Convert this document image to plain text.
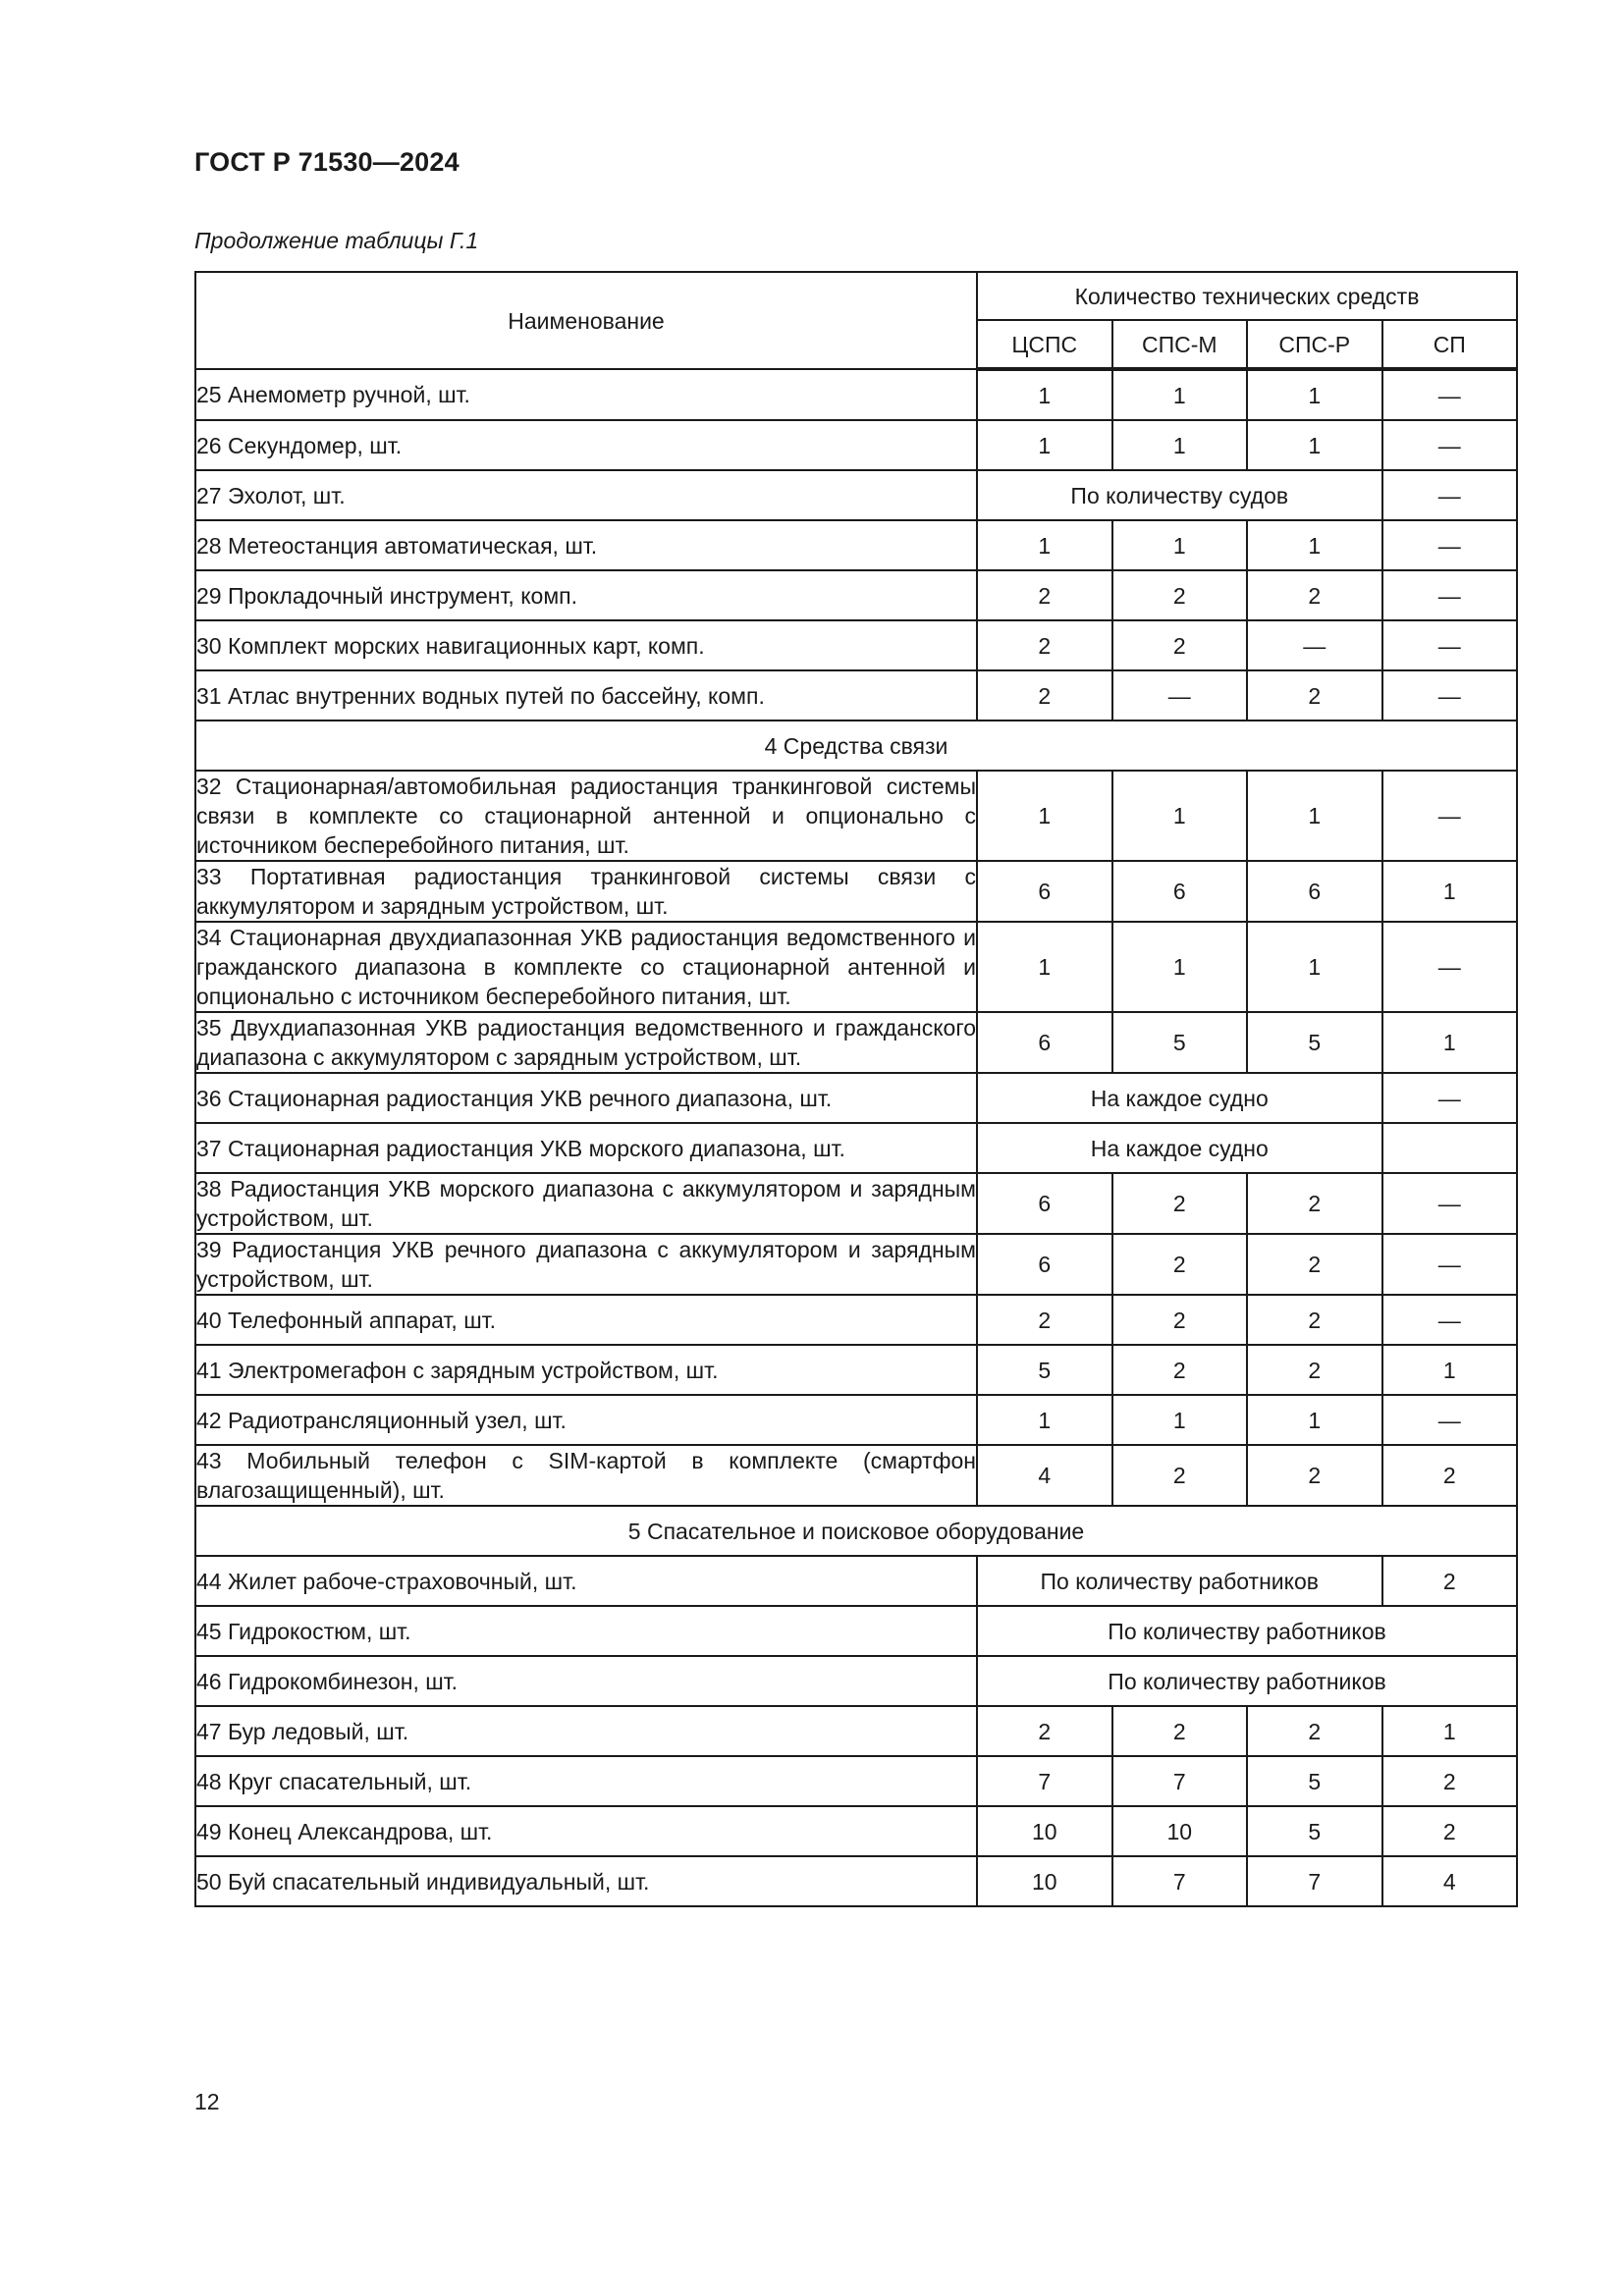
ГОСТ Р 71530—2024
Продолжение таблицы Г.1
Наименование	Количество технических средств			
	ЦСПС	СПС-М	СПС-Р	СП
25 Анемометр ручной, шт.	1	1	1	—
26 Секундомер, шт.	1	1	1	—
27 Эхолот, шт.	По количеству судов			—
28 Метеостанция автоматическая, шт.	1	1	1	—
29 Прокладочный инструмент, комп.	2	2	2	—
30 Комплект морских навигационных карт, комп.	2	2	—	—
31 Атлас внутренних водных путей по бассейну, комп.	2	—	2	—
4 Средства связи				
32 Стационарная/автомобильная радиостанция транкинговой системы связи в комплекте со стационарной антенной и опционально с источником бесперебойного питания, шт.	1	1	1	—
33 Портативная радиостанция транкинговой системы связи с аккумулятором и зарядным устройством, шт.	6	6	6	1
34 Стационарная двухдиапазонная УКВ радиостанция ведомственного и гражданского диапазона в комплекте со стационарной антенной и опционально с источником бесперебойного питания, шт.	1	1	1	—
35 Двухдиапазонная УКВ радиостанция ведомственного и гражданского диапазона с аккумулятором с зарядным устройством, шт.	6	5	5	1
36 Стационарная радиостанция УКВ речного диапазона, шт.	На каждое судно			—
37 Стационарная радиостанция УКВ морского диапазона, шт.	На каждое судно			
38 Радиостанция УКВ морского диапазона с аккумулятором и зарядным устройством, шт.	6	2	2	—
39 Радиостанция УКВ речного диапазона с аккумулятором и зарядным устройством, шт.	6	2	2	—
40 Телефонный аппарат, шт.	2	2	2	—
41 Электромегафон с зарядным устройством, шт.	5	2	2	1
42 Радиотрансляционный узел, шт.	1	1	1	—
43 Мобильный телефон с SIM-картой в комплекте (смартфон влагозащищенный), шт.	4	2	2	2
5 Спасательное и поисковое оборудование				
44 Жилет рабоче-страховочный, шт.	По количеству работников			2
45 Гидрокостюм, шт.	По количеству работников			
46 Гидрокомбинезон, шт.	По количеству работников			
47 Бур ледовый, шт.	2	2	2	1
48 Круг спасательный, шт.	7	7	5	2
49 Конец Александрова, шт.	10	10	5	2
50 Буй спасательный индивидуальный, шт.	10	7	7	4
12
